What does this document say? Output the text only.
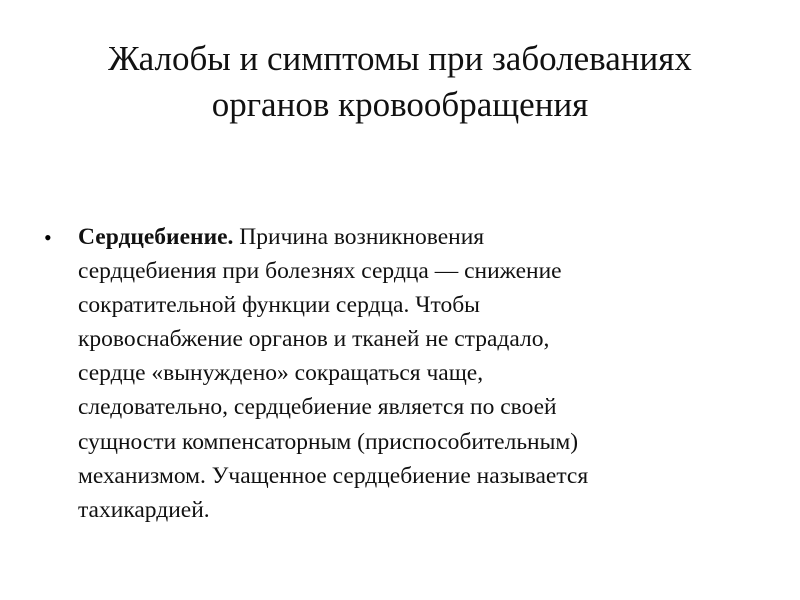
Жалобы и симптомы при заболеваниях
органов кровообращения
• Сердцебиение. Причина возникновения
сердцебиения при болезнях сердца — снижение
сократительной функции сердца. Чтобы
кровоснабжение органов и тканей не страдало,
сердце «вынуждено» сокращаться чаще,
следовательно, сердцебиение является по своей
сущности компенсаторным (приспособительным)
механизмом. Учащенное сердцебиение называется
тахикардией.
